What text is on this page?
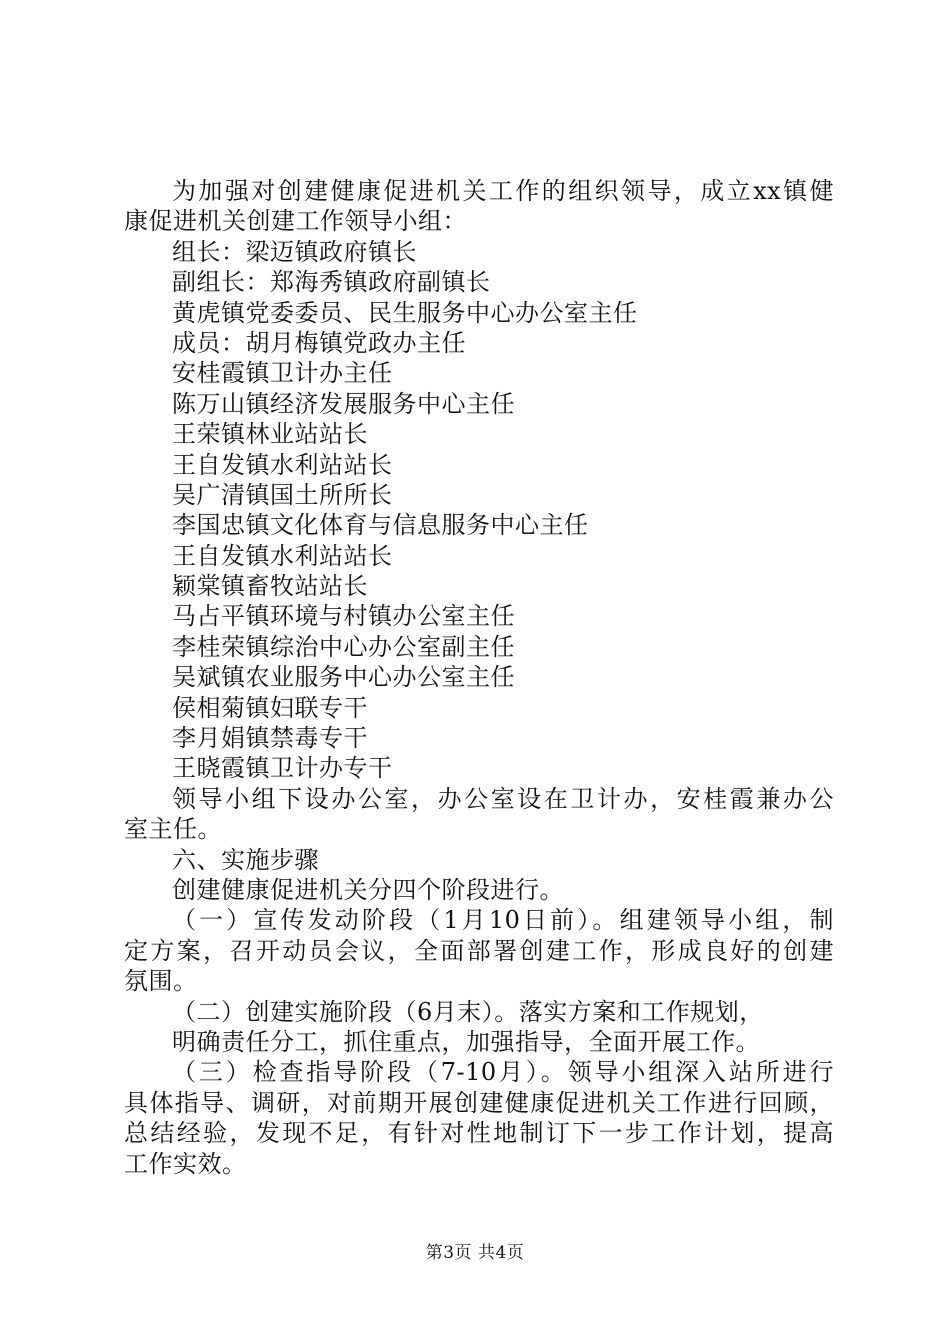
为加强对创建健康促进机关工作的组织领导，成立xx镇健
康促进机关创建工作领导小组：
组长：梁迈镇政府镇长
副组长：郑海秀镇政府副镇长
黄虎镇党委委员、民生服务中心办公室主任
成员：胡月梅镇党政办主任
安桂霞镇卫计办主任
陈万山镇经济发展服务中心主任
王荣镇林业站站长
王自发镇水利站站长
吴广清镇国土所所长
李国忠镇文化体育与信息服务中心主任
王自发镇水利站站长
颖棠镇畜牧站站长
马占平镇环境与村镇办公室主任
李桂荣镇综治中心办公室副主任
吴斌镇农业服务中心办公室主任
侯相菊镇妇联专干
李月娟镇禁毒专干
王晓霞镇卫计办专干
领导小组下设办公室，办公室设在卫计办，安桂霞兼办公
室主任。
六、实施步骤
创建健康促进机关分四个阶段进行。
（一）宣传发动阶段（1月10日前）。组建领导小组，制
定方案，召开动员会议，全面部署创建工作，形成良好的创建
氛围。
（二）创建实施阶段（6月末）。落实方案和工作规划，
明确责任分工，抓住重点，加强指导，全面开展工作。
（三）检查指导阶段（7-10月）。领导小组深入站所进行
具体指导、调研，对前期开展创建健康促进机关工作进行回顾，
总结经验，发现不足，有针对性地制订下一步工作计划，提高
工作实效。
第3页 共4页
